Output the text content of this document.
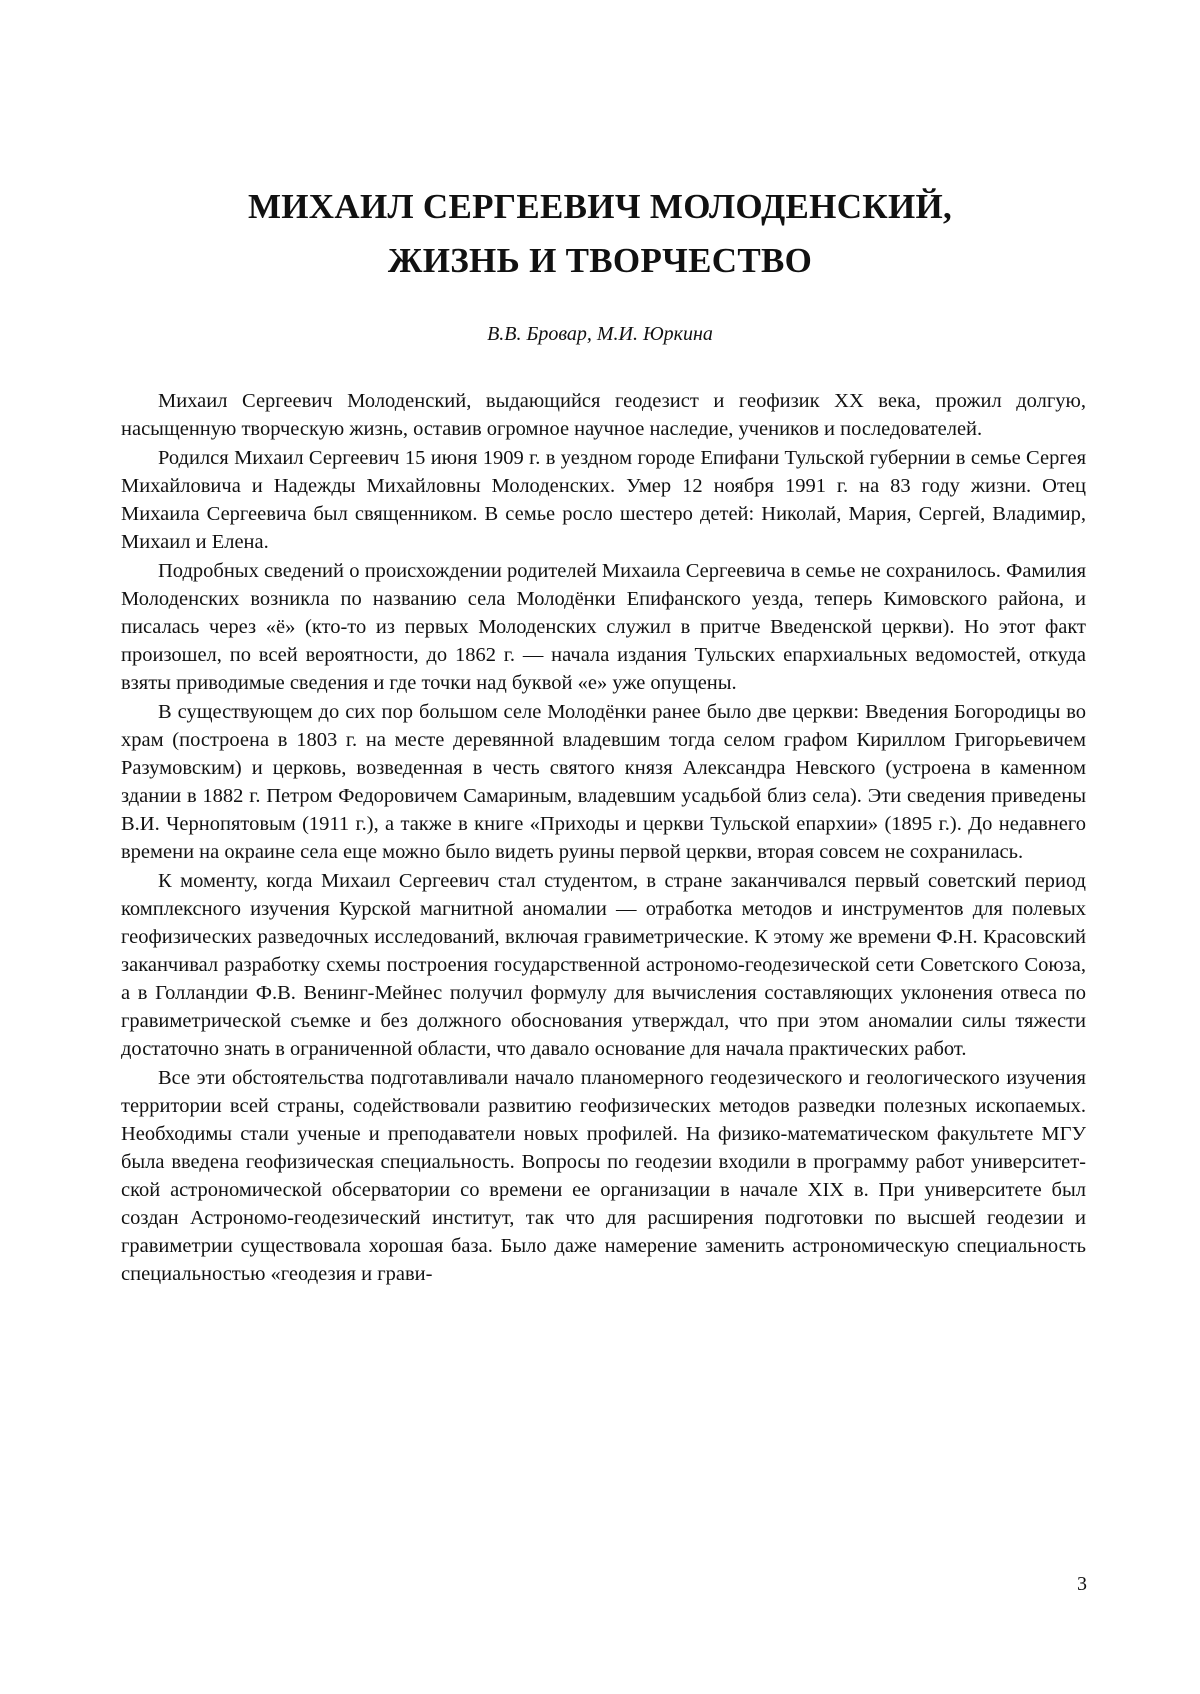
МИХАИЛ СЕРГЕЕВИЧ МОЛОДЕНСКИЙ,
ЖИЗНЬ И ТВОРЧЕСТВО

В.В. Бровар, М.И. Юркина

Михаил Сергеевич Молоденский, выдающийся геодезист и геофизик XX века, прожил долгую, насыщенную творческую жизнь, оставив огромное научное наследие, учеников и последователей.

Родился Михаил Сергеевич 15 июня 1909 г. в уездном городе Епифани Тульской губернии в семье Сергея Михайловича и Надежды Михайловны Молоденских. Умер 12 ноября 1991 г. на 83 году жизни. Отец Михаила Сергеевича был священником. В семье росло шестеро детей: Николай, Мария, Сергей, Владимир, Михаил и Елена.

Подробных сведений о происхождении родителей Михаила Сергеевича в семье не сохранилось. Фамилия Молоденских возникла по названию села Молодёнки Епифанского уезда, теперь Кимовского района, и писалась через «ё» (кто-то из первых Молоденских служил в притче Введенской церкви). Но этот факт произошел, по всей вероятности, до 1862 г. — начала издания Тульских епархиальных ведомостей, откуда взяты приводимые сведения и где точки над буквой «е» уже опущены.

В существующем до сих пор большом селе Молодёнки ранее было две церкви: Введения Богородицы во храм (построена в 1803 г. на месте деревянной владевшим тогда селом графом Кириллом Григорьевичем Разумовским) и церковь, возведенная в честь святого князя Александра Невского (устроена в каменном здании в 1882 г. Петром Федоровичем Самариным, владевшим усадьбой близ села). Эти сведения приведены В.И. Чернопятовым (1911 г.), а также в книге «Приходы и церкви Тульской епархии» (1895 г.). До недавнего времени на окраине села еще можно было видеть руины первой церкви, вторая совсем не сохранилась.

К моменту, когда Михаил Сергеевич стал студентом, в стране заканчивался первый советский период комплексного изучения Курской магнитной аномалии — отработка методов и инструментов для полевых геофизических разведочных исследований, включая гравиметрические. К этому же времени Ф.Н. Красовский заканчивал разработку схемы построения государственной астрономо-геодезической сети Советского Союза, а в Голландии Ф.В. Венинг-Мейнес получил формулу для вычисления составляющих уклонения отвеса по гравиметрической съемке и без должного обоснования утверждал, что при этом аномалии силы тяжести достаточно знать в ограниченной области, что давало основание для начала практических работ.

Все эти обстоятельства подготавливали начало планомерного геодезического и геологического изучения территории всей страны, содействовали развитию геофизических методов разведки полезных ископаемых. Необходимы стали ученые и преподаватели новых профилей. На физико-математическом факультете МГУ была введена геофизическая специальность. Вопросы по геодезии входили в программу работ университетской астрономической обсерватории со времени ее организации в начале XIX в. При университете был создан Астрономо-геодезический институт, так что для расширения подготовки по высшей геодезии и гравиметрии существовала хорошая база. Было даже намерение заменить астрономическую специальность специальностью «геодезия и грави-

3
